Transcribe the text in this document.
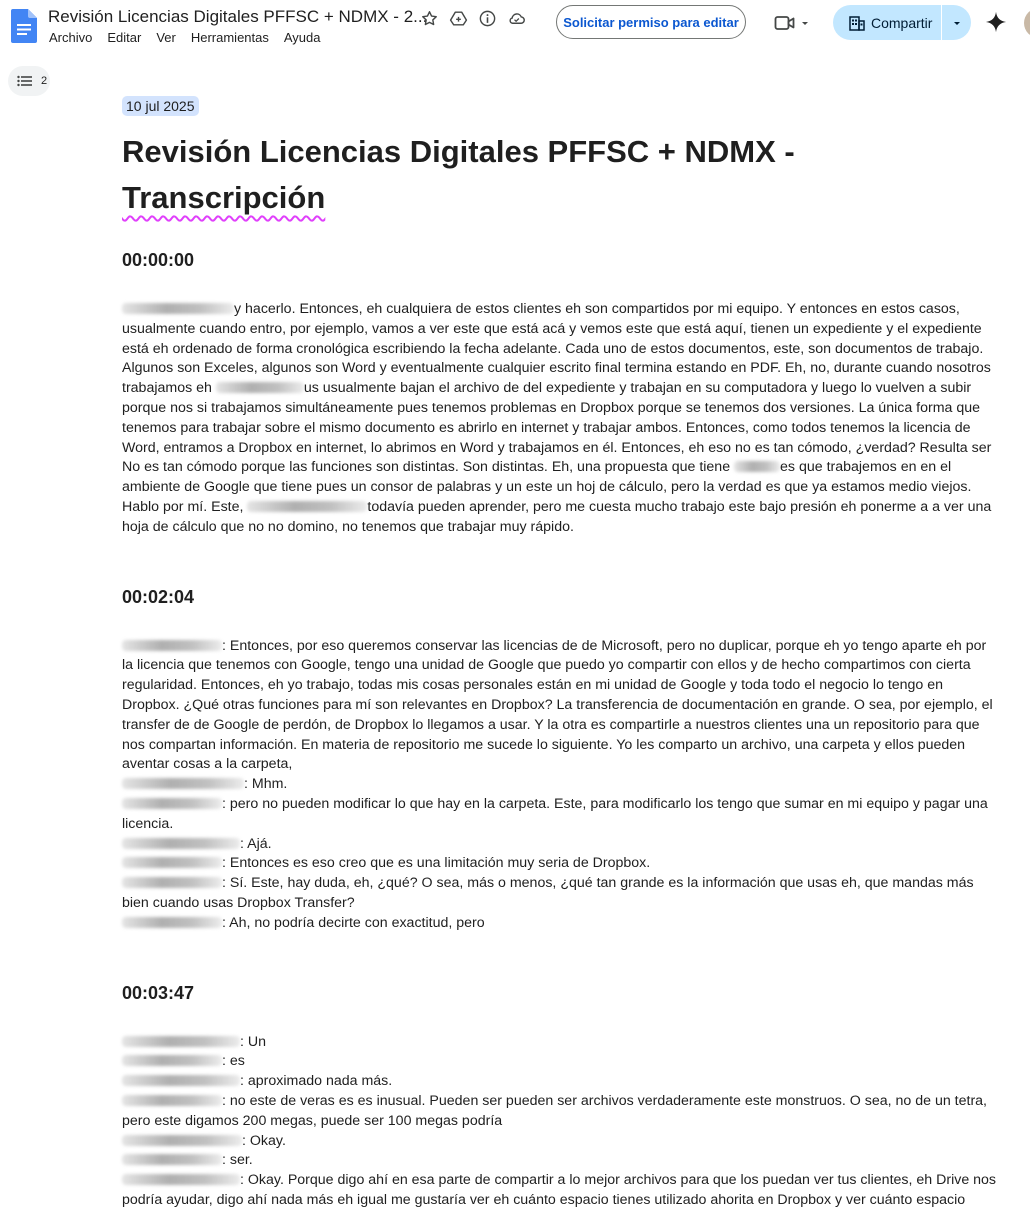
Revisión Licencias Digitales PFFSC + NDMX - 2...
Archivo Editar Ver Herramientas Ayuda
Solicitar permiso para editar	Compartir
2
10 jul 2025
Revisión Licencias Digitales PFFSC + NDMX -
Transcripción

00:00:00

y hacerlo. Entonces, eh cualquiera de estos clientes eh son compartidos por mi equipo. Y entonces en estos casos,
usualmente cuando entro, por ejemplo, vamos a ver este que está acá y vemos este que está aquí, tienen un expediente y el expediente
está eh ordenado de forma cronológica escribiendo la fecha adelante. Cada uno de estos documentos, este, son documentos de trabajo.
Algunos son Exceles, algunos son Word y eventualmente cualquier escrito final termina estando en PDF. Eh, no, durante cuando nosotros
trabajamos eh	us usualmente bajan el archivo de del expediente y trabajan en su computadora y luego lo vuelven a subir
porque nos si trabajamos simultáneamente pues tenemos problemas en Dropbox porque se tenemos dos versiones. La única forma que
tenemos para trabajar sobre el mismo documento es abrirlo en internet y trabajar ambos. Entonces, como todos tenemos la licencia de
Word, entramos a Dropbox en internet, lo abrimos en Word y trabajamos en él. Entonces, eh eso no es tan cómodo, ¿verdad? Resulta ser
No es tan cómodo porque las funciones son distintas. Son distintas. Eh, una propuesta que tiene	es que trabajemos en en el
ambiente de Google que tiene pues un consor de palabras y un este un hoj de cálculo, pero la verdad es que ya estamos medio viejos.
Hablo por mí. Este,	todavía pueden aprender, pero me cuesta mucho trabajo este bajo presión eh ponerme a a ver una
hoja de cálculo que no no domino, no tenemos que trabajar muy rápido.

00:02:04

: Entonces, por eso queremos conservar las licencias de de Microsoft, pero no duplicar, porque eh yo tengo aparte eh por
la licencia que tenemos con Google, tengo una unidad de Google que puedo yo compartir con ellos y de hecho compartimos con cierta
regularidad. Entonces, eh yo trabajo, todas mis cosas personales están en mi unidad de Google y toda todo el negocio lo tengo en
Dropbox. ¿Qué otras funciones para mí son relevantes en Dropbox? La transferencia de documentación en grande. O sea, por ejemplo, el
transfer de de Google de perdón, de Dropbox lo llegamos a usar. Y la otra es compartirle a nuestros clientes una un repositorio para que
nos compartan información. En materia de repositorio me sucede lo siguiente. Yo les comparto un archivo, una carpeta y ellos pueden
aventar cosas a la carpeta,
: Mhm.
: pero no pueden modificar lo que hay en la carpeta. Este, para modificarlo los tengo que sumar en mi equipo y pagar una
licencia.
: Ajá.
: Entonces es eso creo que es una limitación muy seria de Dropbox.
: Sí. Este, hay duda, eh, ¿qué? O sea, más o menos, ¿qué tan grande es la información que usas eh, que mandas más
bien cuando usas Dropbox Transfer?
: Ah, no podría decirte con exactitud, pero

00:03:47

: Un
: es
: aproximado nada más.
: no este de veras es es inusual. Pueden ser pueden ser archivos verdaderamente este monstruos. O sea, no de un tetra,
pero este digamos 200 megas, puede ser 100 megas podría
: Okay.
: ser.
: Okay. Porque digo ahí en esa parte de compartir a lo mejor archivos para que los puedan ver tus clientes, eh Drive nos
podría ayudar, digo ahí nada más eh igual me gustaría ver eh cuánto espacio tienes utilizado ahorita en Dropbox y ver cuánto espacio
